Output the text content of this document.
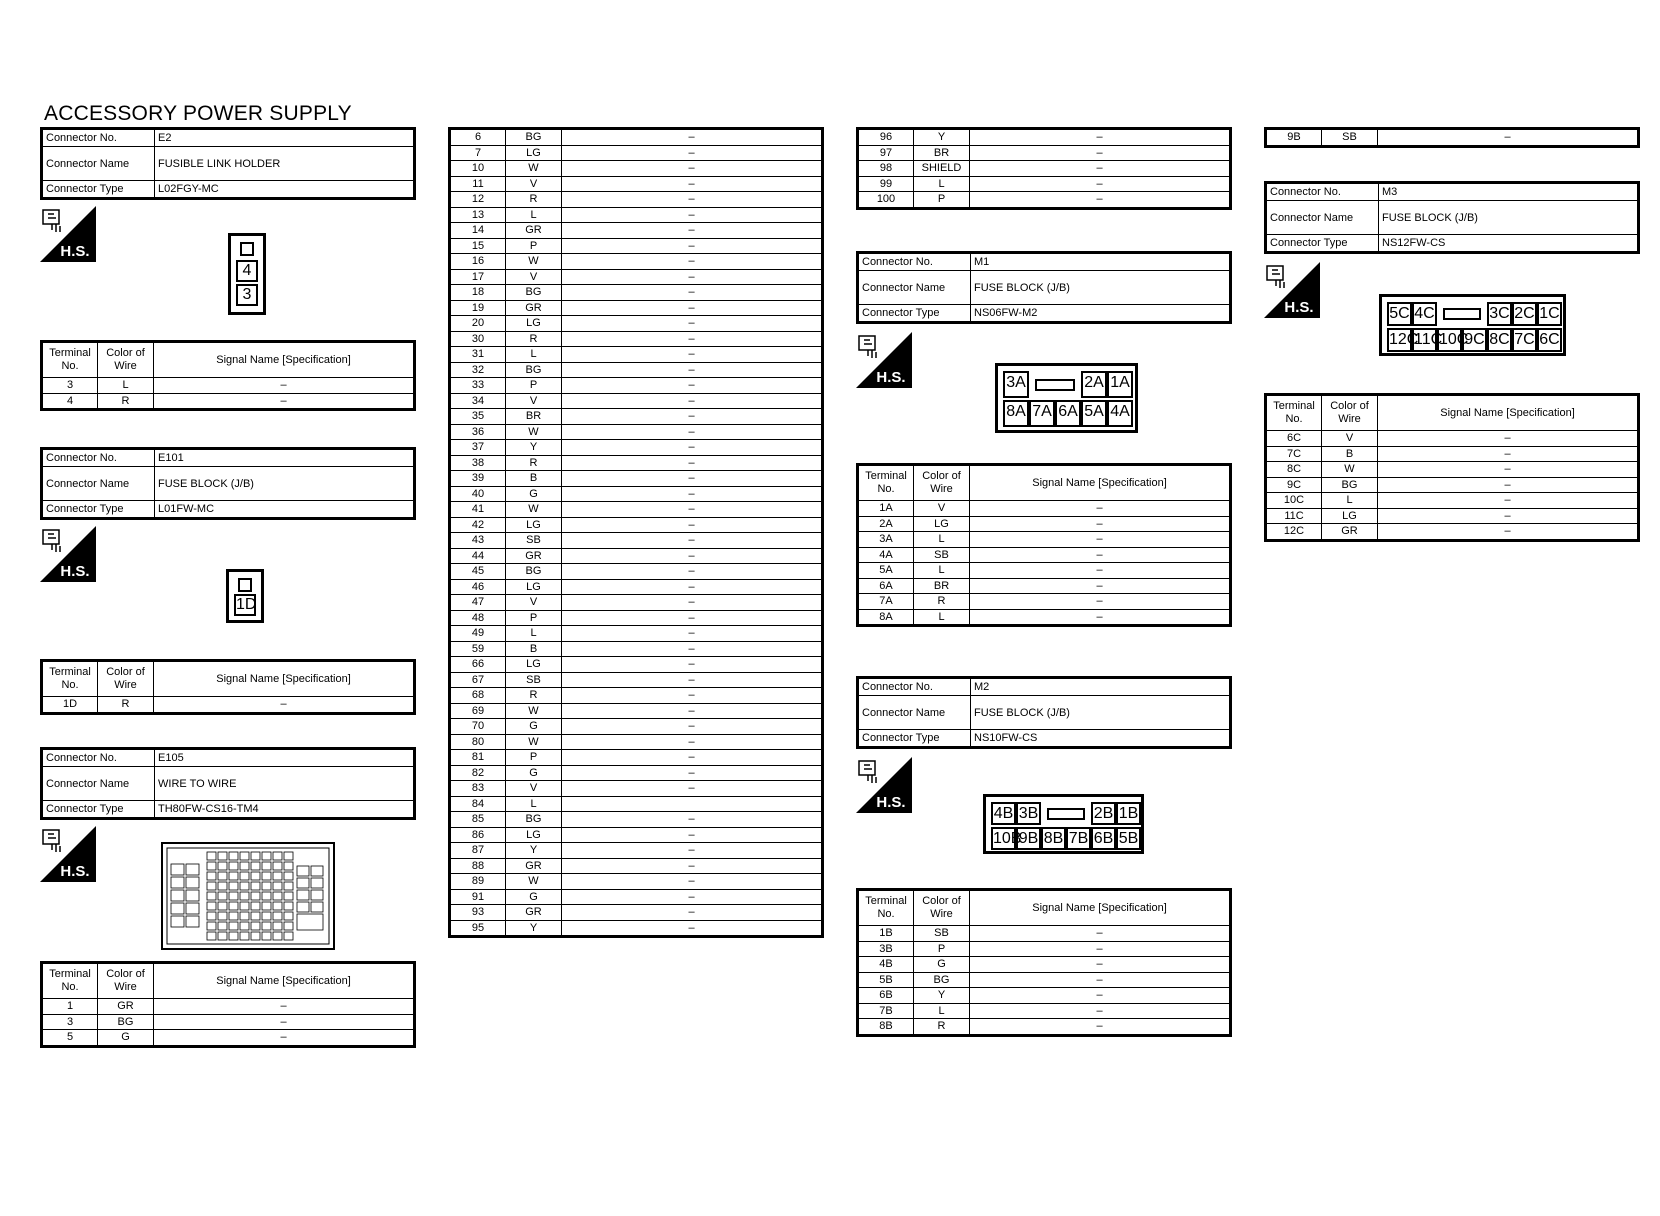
ACCESSORY POWER SUPPLY
Connector No.	E2
Connector Name	FUSIBLE LINK HOLDER
Connector Type	L02FGY-MC
H.S.
4
3
Terminal No.	Color of Wire	Signal Name [Specification]
3	L	–
4	R	–
Connector No.	E101
Connector Name	FUSE BLOCK (J/B)
Connector Type	L01FW-MC
H.S.
1D
Terminal No.	Color of Wire	Signal Name [Specification]
1D	R	–
Connector No.	E105
Connector Name	WIRE TO WIRE
Connector Type	TH80FW-CS16-TM4
H.S.
Terminal No.	Color of Wire	Signal Name [Specification]
1	GR	–
3	BG	–
5	G	–
6	BG	–
7	LG	–
10	W	–
11	V	–
12	R	–
13	L	–
14	GR	–
15	P	–
16	W	–
17	V	–
18	BG	–
19	GR	–
20	LG	–
30	R	–
31	L	–
32	BG	–
33	P	–
34	V	–
35	BR	–
36	W	–
37	Y	–
38	R	–
39	B	–
40	G	–
41	W	–
42	LG	–
43	SB	–
44	GR	–
45	BG	–
46	LG	–
47	V	–
48	P	–
49	L	–
59	B	–
66	LG	–
67	SB	–
68	R	–
69	W	–
70	G	–
80	W	–
81	P	–
82	G	–
83	V	–
84	L	
85	BG	–
86	LG	–
87	Y	–
88	GR	–
89	W	–
91	G	–
93	GR	–
95	Y	–
96	Y	–
97	BR	–
98	SHIELD	–
99	L	–
100	P	–
Connector No.	M1
Connector Name	FUSE BLOCK (J/B)
Connector Type	NS06FW-M2
H.S.
8A 7A 6A 5A 4A
3A	2A 1A
Terminal No.	Color of Wire	Signal Name [Specification]
1A	V	–
2A	LG	–
3A	L	–
4A	SB	–
5A	L	–
6A	BR	–
7A	R	–
8A	L	–
Connector No.	M2
Connector Name	FUSE BLOCK (J/B)
Connector Type	NS10FW-CS
H.S.
10B
9B 8B 7B 6B 5B
4B 3B	2B 1B
Terminal No.	Color of Wire	Signal Name [Specification]
1B	SB	–
3B	P	–
4B	G	–
5B	BG	–
6B	Y	–
7B	L	–
8B	R	–
9B	SB	–
Connector No.	M3
Connector Name	FUSE BLOCK (J/B)
Connector Type	NS12FW-CS
H.S.
12C
11C
10C
9C 8C 7C 6C
5C 4C	3C 2C 1C
Terminal No.	Color of Wire	Signal Name [Specification]
6C	V	–
7C	B	–
8C	W	–
9C	BG	–
10C	L	–
11C	LG	–
12C	GR	–
